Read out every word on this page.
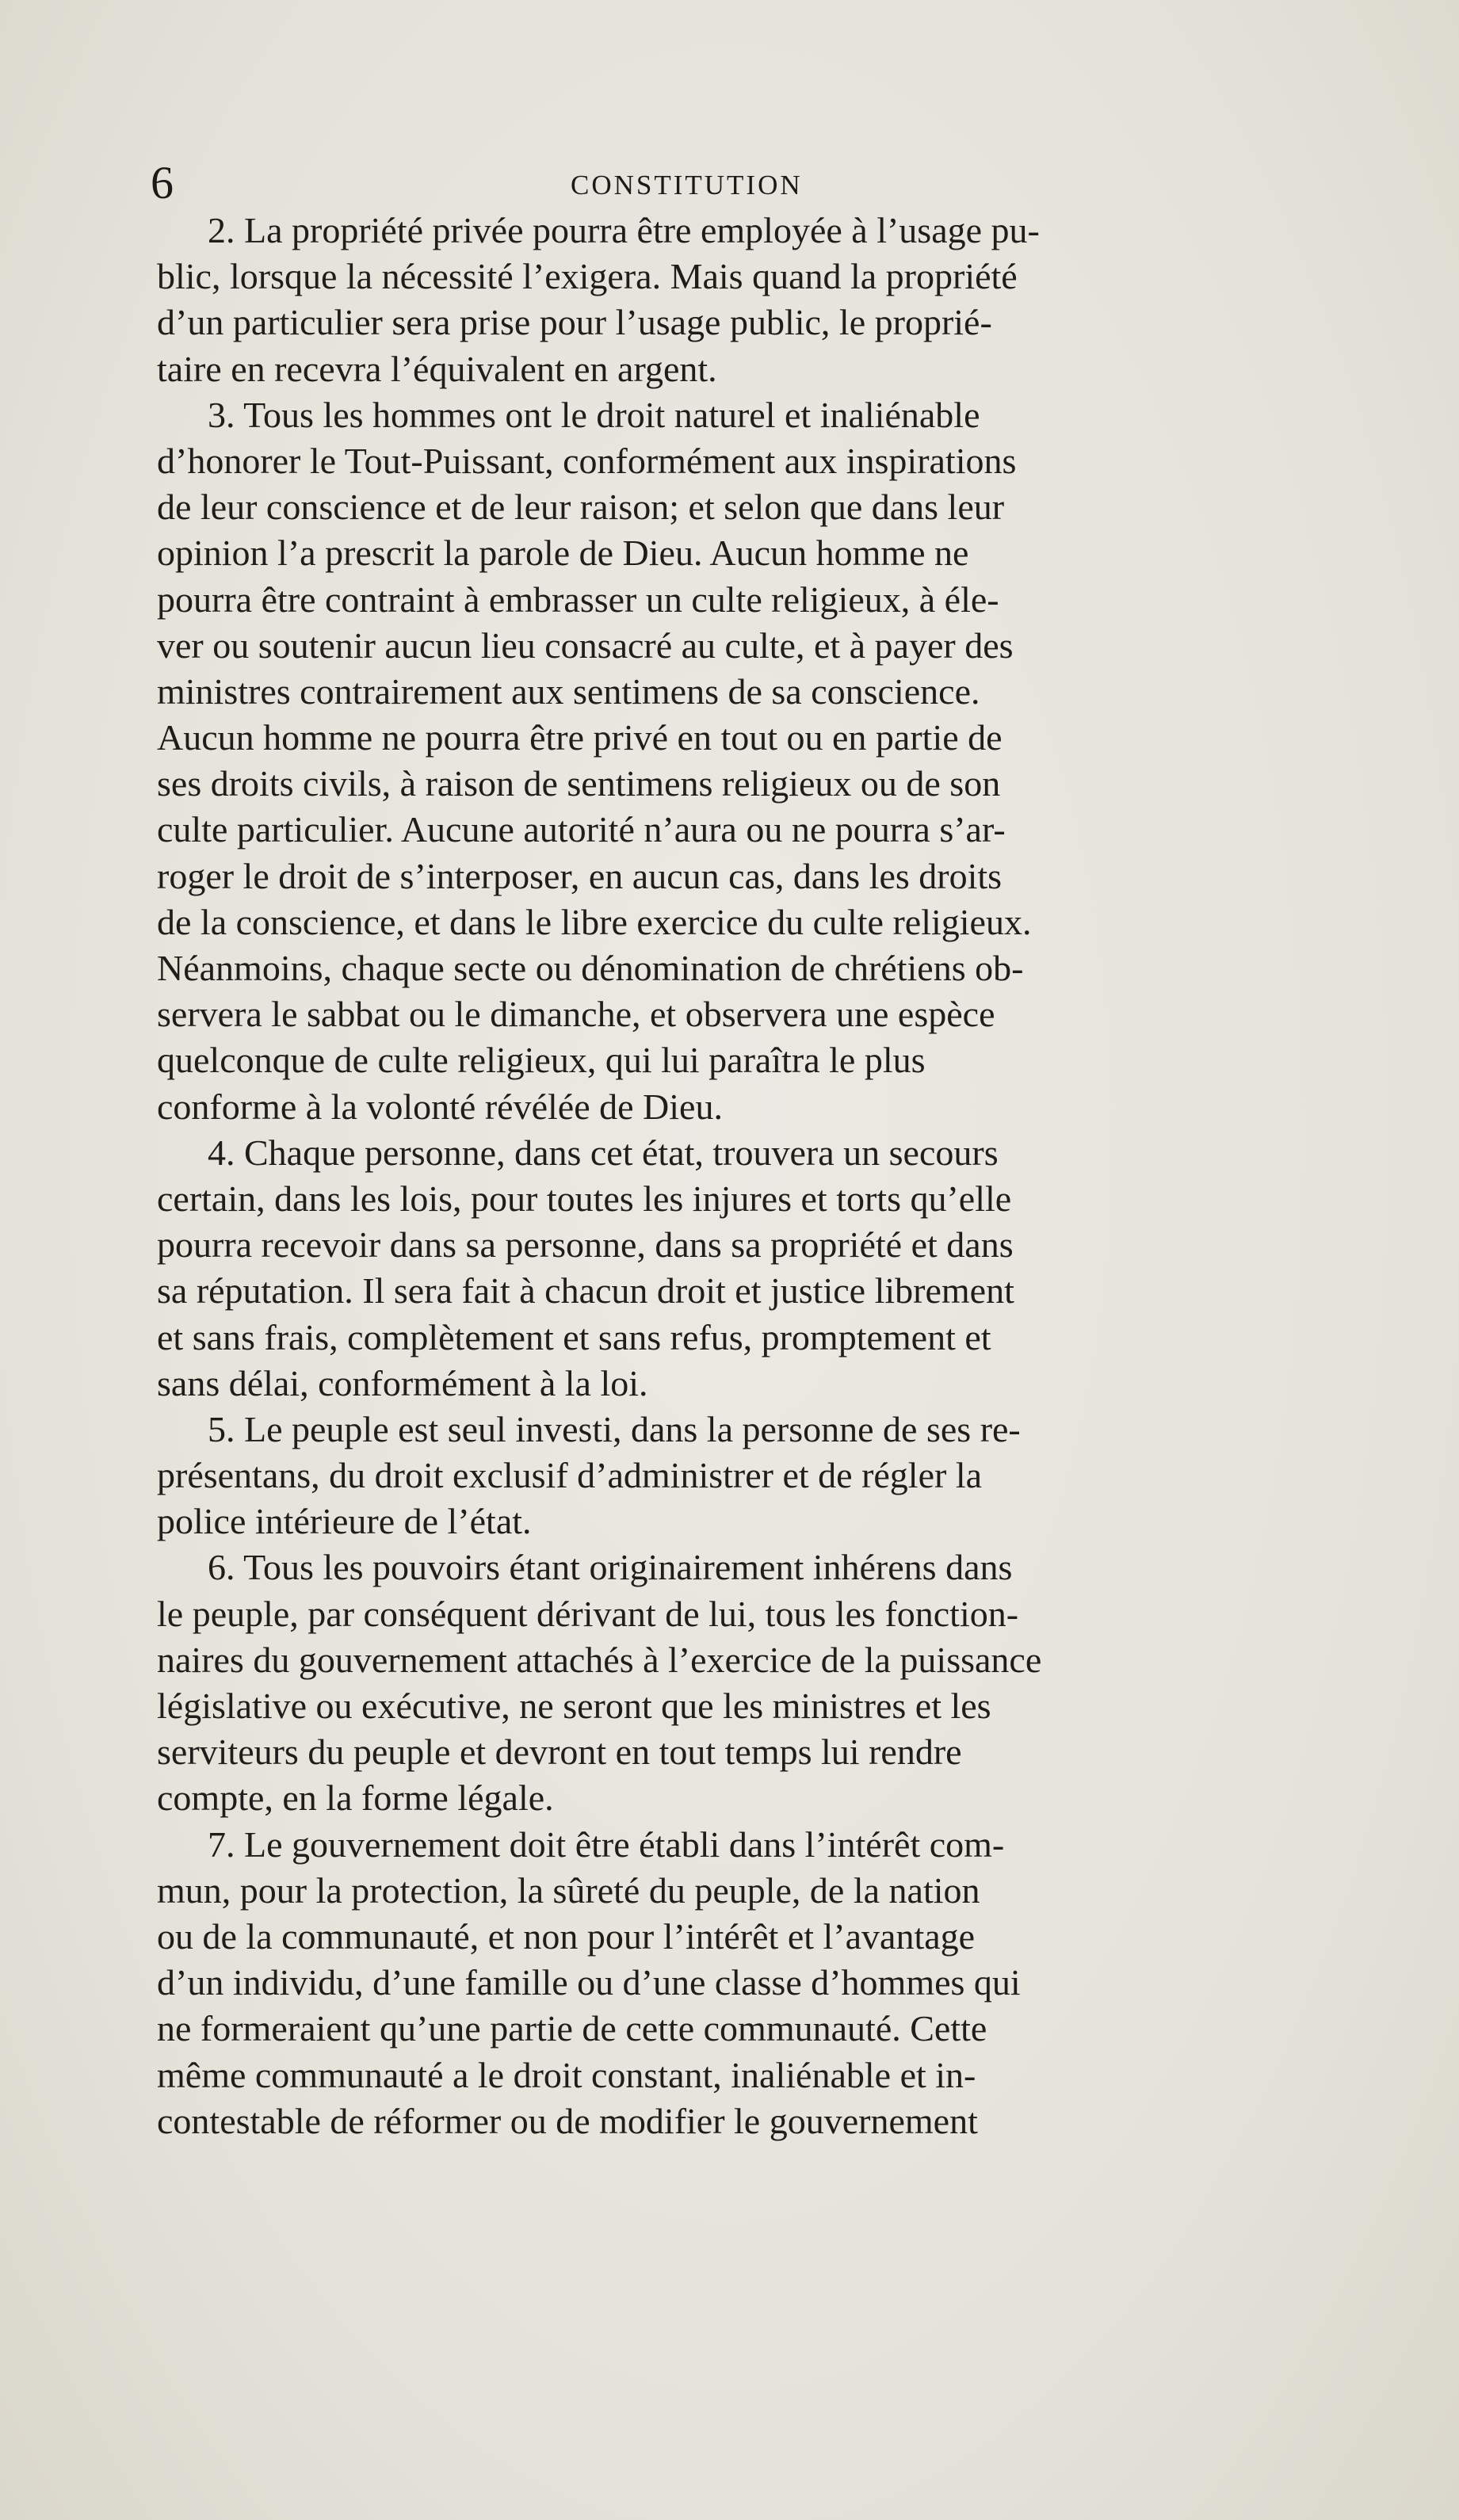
6	CONSTITUTION
2. La propriété privée pourra être employée à l’usage pu-
blic, lorsque la nécessité l’exigera. Mais quand la propriété
d’un particulier sera prise pour l’usage public, le proprié-
taire en recevra l’équivalent en argent.
3. Tous les hommes ont le droit naturel et inaliénable
d’honorer le Tout-Puissant, conformément aux inspirations
de leur conscience et de leur raison; et selon que dans leur
opinion l’a prescrit la parole de Dieu. Aucun homme ne
pourra être contraint à embrasser un culte religieux, à éle-
ver ou soutenir aucun lieu consacré au culte, et à payer des
ministres contrairement aux sentimens de sa conscience.
Aucun homme ne pourra être privé en tout ou en partie de
ses droits civils, à raison de sentimens religieux ou de son
culte particulier. Aucune autorité n’aura ou ne pourra s’ar-
roger le droit de s’interposer, en aucun cas, dans les droits
de la conscience, et dans le libre exercice du culte religieux.
Néanmoins, chaque secte ou dénomination de chrétiens ob-
servera le sabbat ou le dimanche, et observera une espèce
quelconque de culte religieux, qui lui paraîtra le plus
conforme à la volonté révélée de Dieu.
4. Chaque personne, dans cet état, trouvera un secours
certain, dans les lois, pour toutes les injures et torts qu’elle
pourra recevoir dans sa personne, dans sa propriété et dans
sa réputation. Il sera fait à chacun droit et justice librement
et sans frais, complètement et sans refus, promptement et
sans délai, conformément à la loi.
5. Le peuple est seul investi, dans la personne de ses re-
présentans, du droit exclusif d’administrer et de régler la
police intérieure de l’état.
6. Tous les pouvoirs étant originairement inhérens dans
le peuple, par conséquent dérivant de lui, tous les fonction-
naires du gouvernement attachés à l’exercice de la puissance
législative ou exécutive, ne seront que les ministres et les
serviteurs du peuple et devront en tout temps lui rendre
compte, en la forme légale.
7. Le gouvernement doit être établi dans l’intérêt com-
mun, pour la protection, la sûreté du peuple, de la nation
ou de la communauté, et non pour l’intérêt et l’avantage
d’un individu, d’une famille ou d’une classe d’hommes qui
ne formeraient qu’une partie de cette communauté. Cette
même communauté a le droit constant, inaliénable et in-
contestable de réformer ou de modifier le gouvernement
